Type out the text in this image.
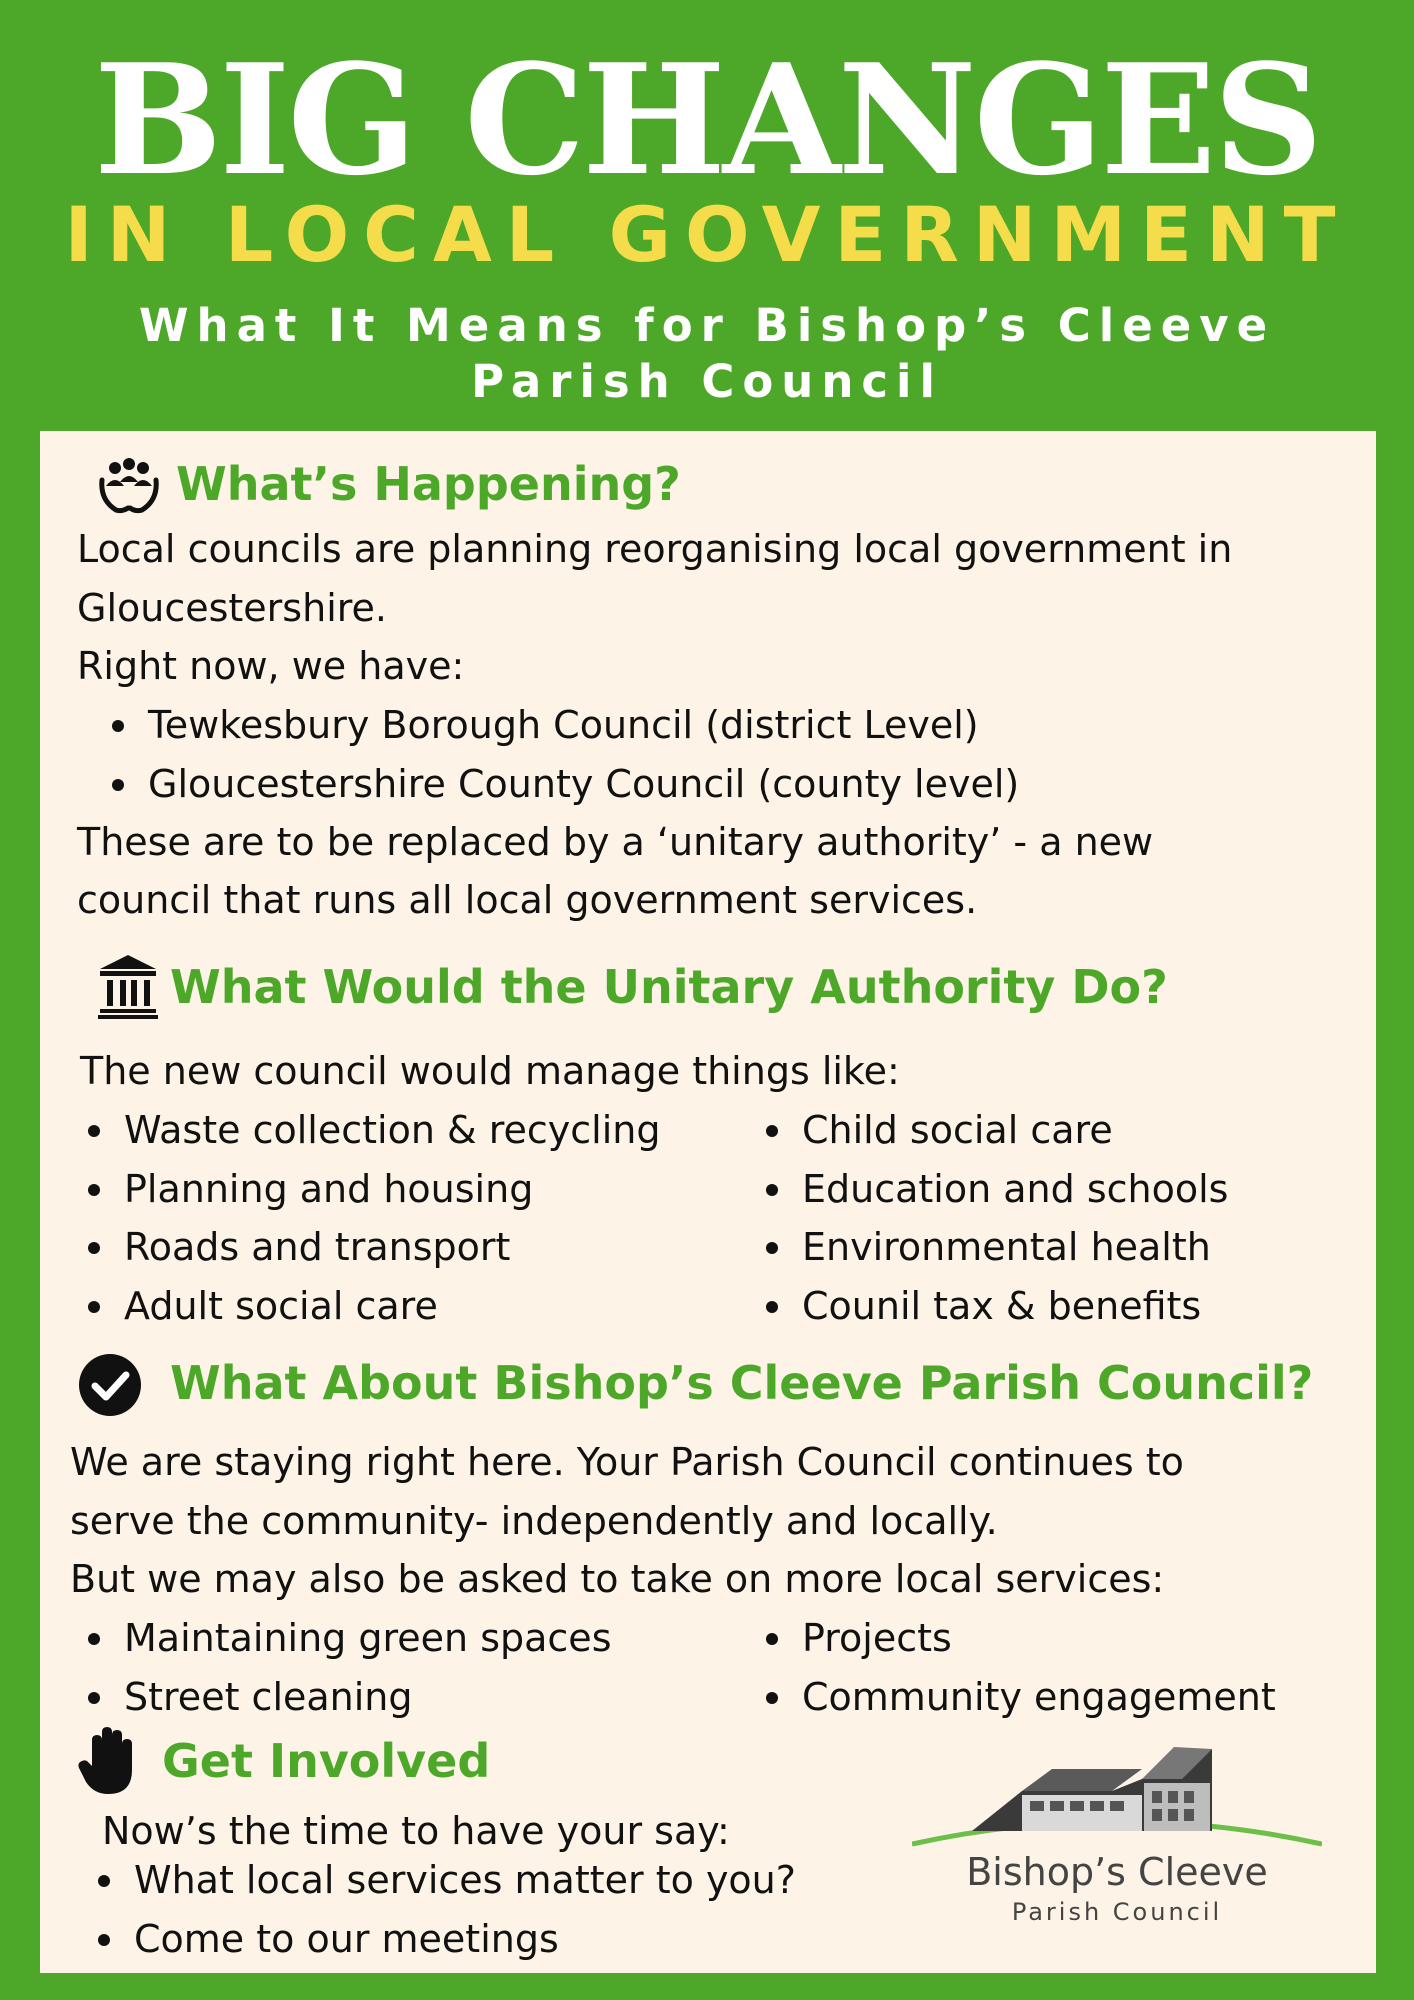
BIG CHANGES
IN LOCAL GOVERNMENT
What It Means for Bishop’s Cleeve
Parish Council
What’s Happening?
Local councils are planning reorganising local government in
Gloucestershire.
Right now, we have:
Tewkesbury Borough Council (district Level)
Gloucestershire County Council (county level)
These are to be replaced by a ‘unitary authority’ - a new
council that runs all local government services.
What Would the Unitary Authority Do?
The new council would manage things like:
Waste collection & recycling
Planning and housing
Roads and transport
Adult social care
Child social care
Education and schools
Environmental health
Counil tax & benefits
What About Bishop’s Cleeve Parish Council?
We are staying right here. Your Parish Council continues to
serve the community- independently and locally.
But we may also be asked to take on more local services:
Maintaining green spaces
Street cleaning
Projects
Community engagement
Get Involved
Now’s the time to have your say:
What local services matter to you?
Come to our meetings
Bishop’s Cleeve
Parish Council
